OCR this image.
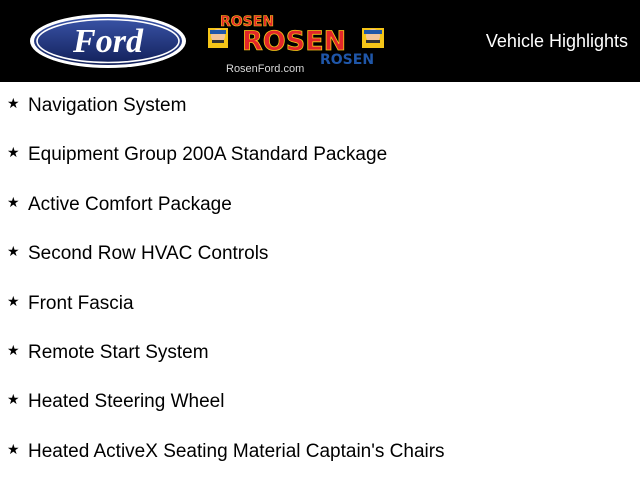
Ford
ROSEN
ROSEN
ROSEN
RosenFord.com
Vehicle Highlights
★ Navigation System
★ Equipment Group 200A Standard Package
★ Active Comfort Package
★ Second Row HVAC Controls
★ Front Fascia
★ Remote Start System
★ Heated Steering Wheel
★ Heated ActiveX Seating Material Captain's Chairs
